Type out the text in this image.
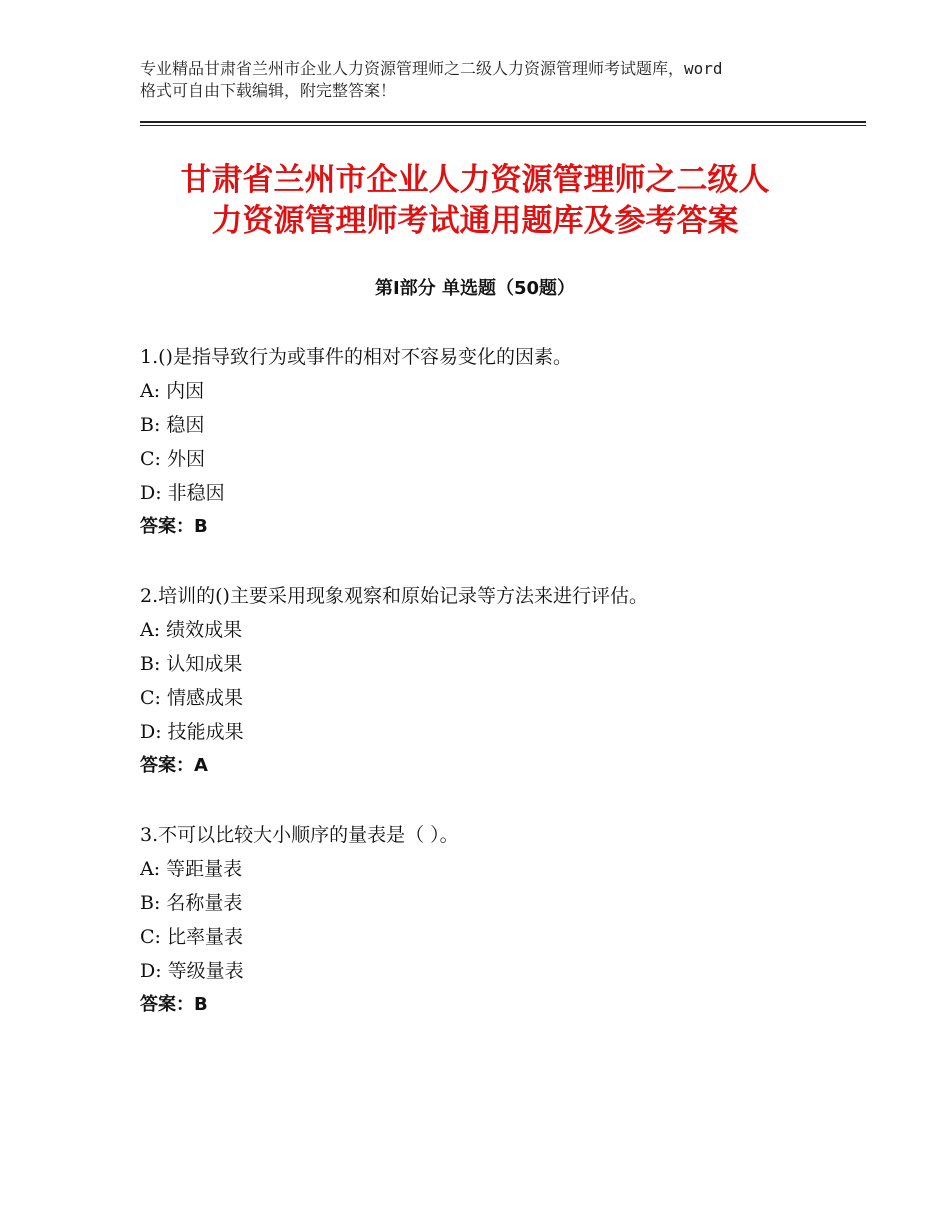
专业精品甘肃省兰州市企业人力资源管理师之二级人力资源管理师考试题库，word
格式可自由下载编辑，附完整答案！
甘肃省兰州市企业人力资源管理师之二级人
力资源管理师考试通用题库及参考答案
第Ⅰ部分 单选题（50题）
1.()是指导致行为或事件的相对不容易变化的因素。
A: 内因
B: 稳因
C: 外因
D: 非稳因
答案：B
2.培训的()主要采用现象观察和原始记录等方法来进行评估。
A: 绩效成果
B: 认知成果
C: 情感成果
D: 技能成果
答案：A
3.不可以比较大小顺序的量表是（ ）。
A: 等距量表
B: 名称量表
C: 比率量表
D: 等级量表
答案：B
